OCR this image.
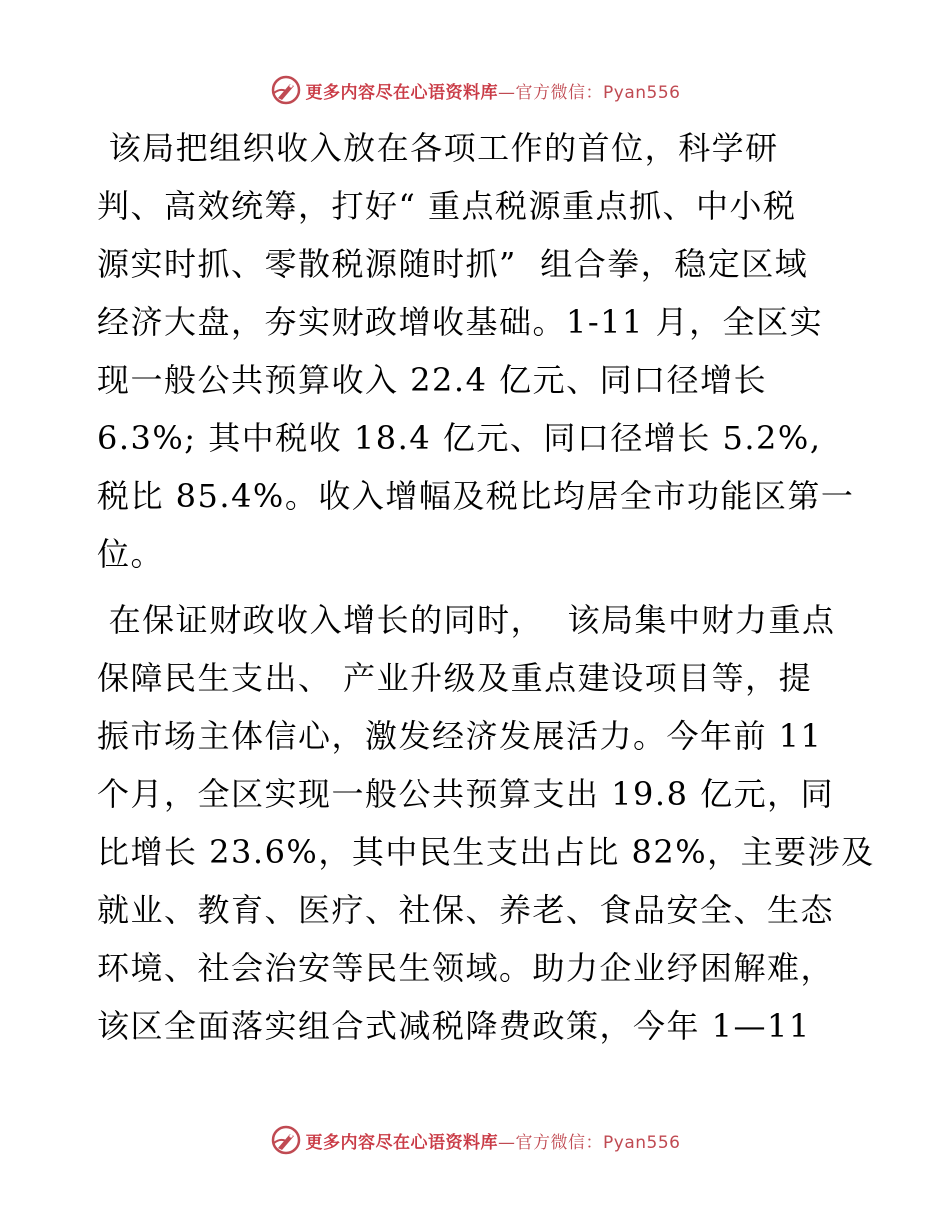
更多内容尽在心语资料库—官方微信：Pyan556

该局把组织收入放在各项工作的首位，科学研
判、高效统筹，打好“ 重点税源重点抓、中小税
源实时抓、零散税源随时抓”  组合拳，稳定区域
经济大盘，夯实财政增收基础。1-11 月，全区实
现一般公共预算收入 22.4 亿元、同口径增长
6.3%; 其中税收 18.4 亿元、同口径增长 5.2%,
税比 85.4%。收入增幅及税比均居全市功能区第一
位。

在保证财政收入增长的同时，  该局集中财力重点
保障民生支出、 产业升级及重点建设项目等，提
振市场主体信心，激发经济发展活力。今年前 11
个月，全区实现一般公共预算支出 19.8 亿元，同
比增长 23.6%，其中民生支出占比 82%，主要涉及
就业、教育、医疗、社保、养老、食品安全、生态
环境、社会治安等民生领域。助力企业纾困解难，
该区全面落实组合式减税降费政策，今年 1—11

更多内容尽在心语资料库—官方微信：Pyan556
